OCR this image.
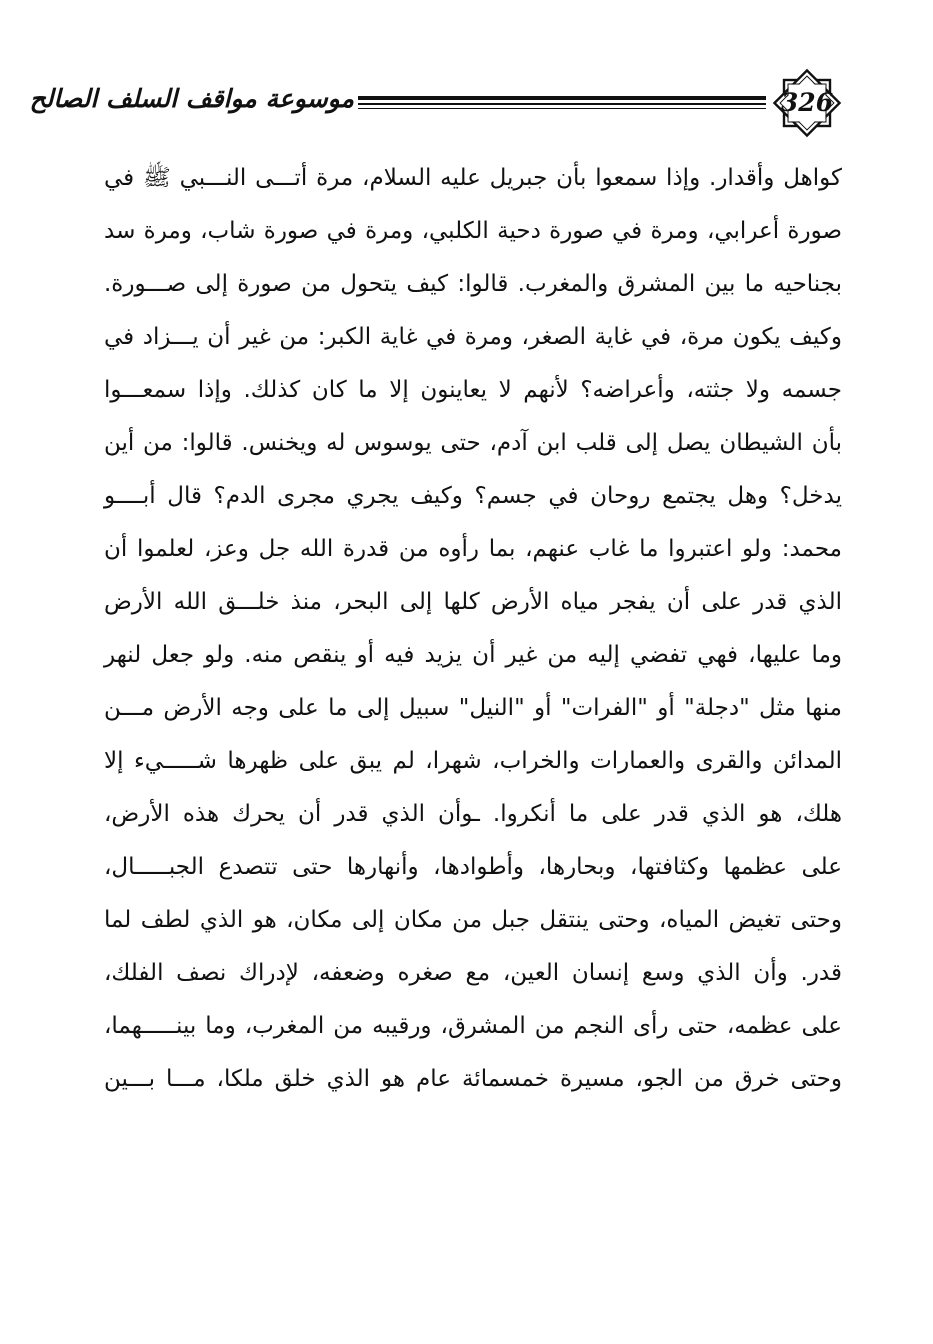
موسوعة مواقف السلف الصالح	326
كواهل وأقدار. وإذا سمعوا بأن جبريل عليه السلام، مرة أتـــى النـــبي ﷺ في
صورة أعرابي، ومرة في صورة دحية الكلبي، ومرة في صورة شاب، ومرة سد
بجناحيه ما بين المشرق والمغرب. قالوا: كيف يتحول من صورة إلى صـــورة.
وكيف يكون مرة، في غاية الصغر، ومرة في غاية الكبر: من غير أن يـــزاد في
جسمه ولا جثته، وأعراضه؟ لأنهم لا يعاينون إلا ما كان كذلك. وإذا سمعـــوا
بأن الشيطان يصل إلى قلب ابن آدم، حتى يوسوس له ويخنس. قالوا: من أين
يدخل؟ وهل يجتمع روحان في جسم؟ وكيف يجري مجرى الدم؟ قال أبــــو
محمد: ولو اعتبروا ما غاب عنهم، بما رأوه من قدرة الله جل وعز، لعلموا أن
الذي قدر على أن يفجر مياه الأرض كلها إلى البحر، منذ خلـــق الله الأرض
وما عليها، فهي تفضي إليه من غير أن يزيد فيه أو ينقص منه. ولو جعل لنهر
منها مثل "دجلة" أو "الفرات" أو "النيل" سبيل إلى ما على وجه الأرض مـــن
المدائن والقرى والعمارات والخراب، شهرا، لم يبق على ظهرها شـــــيء إلا
هلك، هو الذي قدر على ما أنكروا. ـوأن الذي قدر أن يحرك هذه الأرض،
على عظمها وكثافتها، وبحارها، وأطوادها، وأنهارها حتى تتصدع الجبـــــال،
وحتى تغيض المياه، وحتى ينتقل جبل من مكان إلى مكان، هو الذي لطف لما
قدر. وأن الذي وسع إنسان العين، مع صغره وضعفه، لإدراك نصف الفلك،
على عظمه، حتى رأى النجم من المشرق، ورقيبه من المغرب، وما بينـــــهما،
وحتى خرق من الجو، مسيرة خمسمائة عام هو الذي خلق ملكا، مـــا بـــين
